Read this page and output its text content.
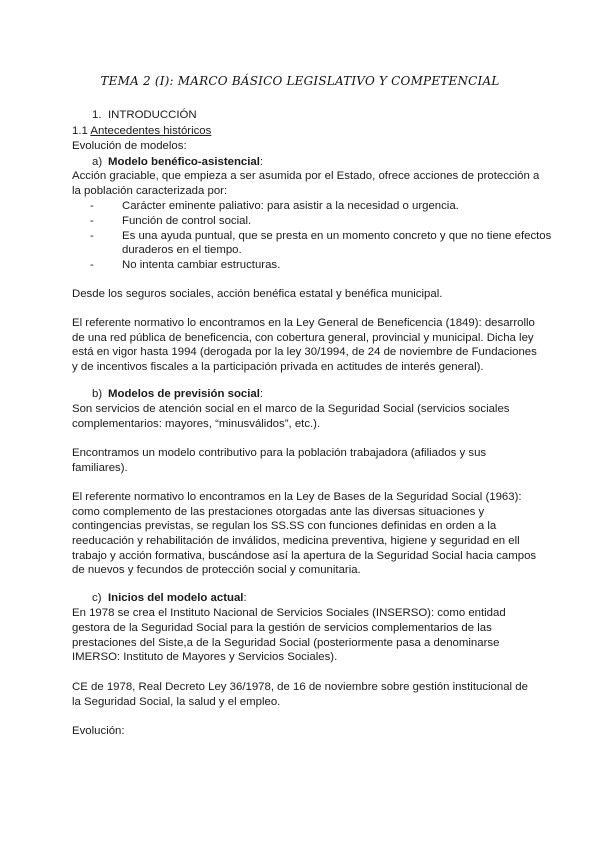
TEMA 2 (I): MARCO BÁSICO LEGISLATIVO Y COMPETENCIAL
1. INTRODUCCIÓN
1.1 Antecedentes históricos
Evolución de modelos:
a) Modelo benéfico-asistencial:
Acción graciable, que empieza a ser asumida por el Estado, ofrece acciones de protección a
la población caracterizada por:
- Carácter eminente paliativo: para asistir a la necesidad o urgencia.
- Función de control social.
- Es una ayuda puntual, que se presta en un momento concreto y que no tiene efectos
duraderos en el tiempo.
- No intenta cambiar estructuras.
Desde los seguros sociales, acción benéfica estatal y benéfica municipal.
El referente normativo lo encontramos en la Ley General de Beneficencia (1849): desarrollo
de una red pública de beneficencia, con cobertura general, provincial y municipal. Dicha ley
está en vigor hasta 1994 (derogada por la ley 30/1994, de 24 de noviembre de Fundaciones
y de incentivos fiscales a la participación privada en actitudes de interés general).
b) Modelos de previsión social:
Son servicios de atención social en el marco de la Seguridad Social (servicios sociales
complementarios: mayores, “minusválidos”, etc.).
Encontramos un modelo contributivo para la población trabajadora (afiliados y sus
familiares).
El referente normativo lo encontramos en la Ley de Bases de la Seguridad Social (1963):
como complemento de las prestaciones otorgadas ante las diversas situaciones y
contingencias previstas, se regulan los SS.SS con funciones definidas en orden a la
reeducación y rehabilitación de inválidos, medicina preventiva, higiene y seguridad en ell
trabajo y acción formativa, buscándose así la apertura de la Seguridad Social hacia campos
de nuevos y fecundos de protección social y comunitaria.
c) Inicios del modelo actual:
En 1978 se crea el Instituto Nacional de Servicios Sociales (INSERSO): como entidad
gestora de la Seguridad Social para la gestión de servicios complementarios de las
prestaciones del Siste,a de la Seguridad Social (posteriormente pasa a denominarse
IMERSO: Instituto de Mayores y Servicios Sociales).
CE de 1978, Real Decreto Ley 36/1978, de 16 de noviembre sobre gestión institucional de
la Seguridad Social, la salud y el empleo.
Evolución:
